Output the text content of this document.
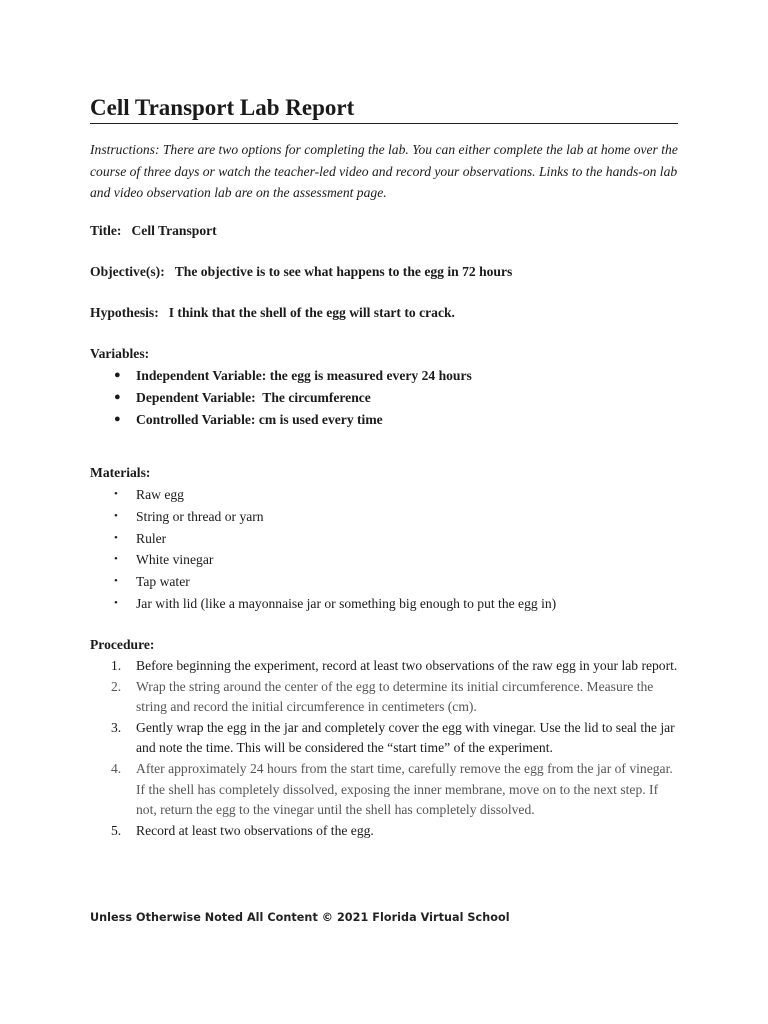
Cell Transport Lab Report
Instructions: There are two options for completing the lab. You can either complete the lab at home over the course of three days or watch the teacher-led video and record your observations. Links to the hands-on lab and video observation lab are on the assessment page.
Title: Cell Transport
Objective(s): The objective is to see what happens to the egg in 72 hours
Hypothesis: I think that the shell of the egg will start to crack.
Variables:
● Independent Variable: the egg is measured every 24 hours
● Dependent Variable:  The circumference
● Controlled Variable: cm is used every time
Materials:
• Raw egg
• String or thread or yarn
• Ruler
• White vinegar
• Tap water
• Jar with lid (like a mayonnaise jar or something big enough to put the egg in)
Procedure:
1. Before beginning the experiment, record at least two observations of the raw egg in your lab report.
2. Wrap the string around the center of the egg to determine its initial circumference. Measure the string and record the initial circumference in centimeters (cm).
3. Gently wrap the egg in the jar and completely cover the egg with vinegar. Use the lid to seal the jar and note the time. This will be considered the “start time” of the experiment.
4. After approximately 24 hours from the start time, carefully remove the egg from the jar of vinegar. If the shell has completely dissolved, exposing the inner membrane, move on to the next step. If not, return the egg to the vinegar until the shell has completely dissolved.
5. Record at least two observations of the egg.
Unless Otherwise Noted All Content © 2021 Florida Virtual School
